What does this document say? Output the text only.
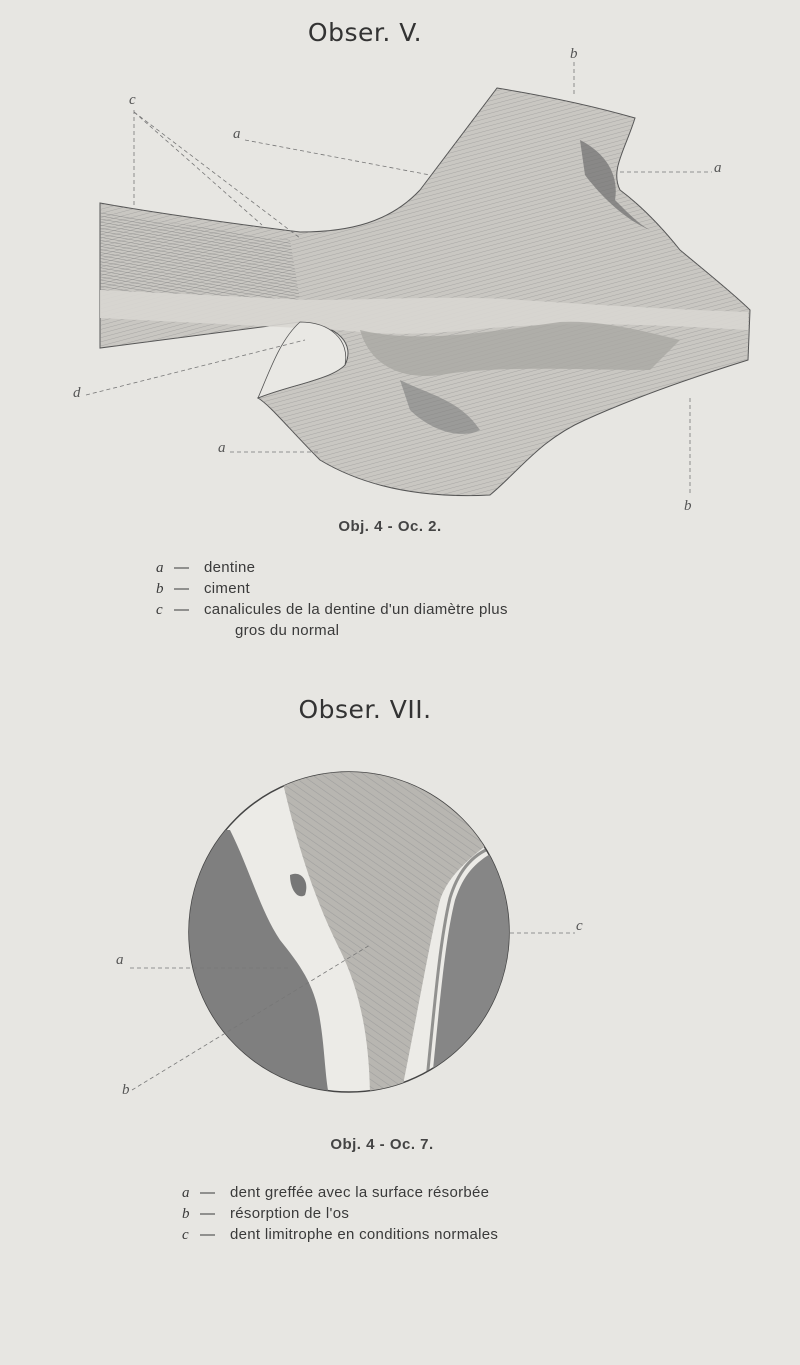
Obser. V.
a
a
a
b
b
c
d
Obj. 4 - Oc. 2.
a — dentine
b — ciment
c — canalicules de la dentine d'un diamètre plus
gros du normal
Obser. VII.
a
b
c
Obj. 4 - Oc. 7.
a — dent greffée avec la surface résorbée
b — résorption de l'os
c — dent limitrophe en conditions normales
